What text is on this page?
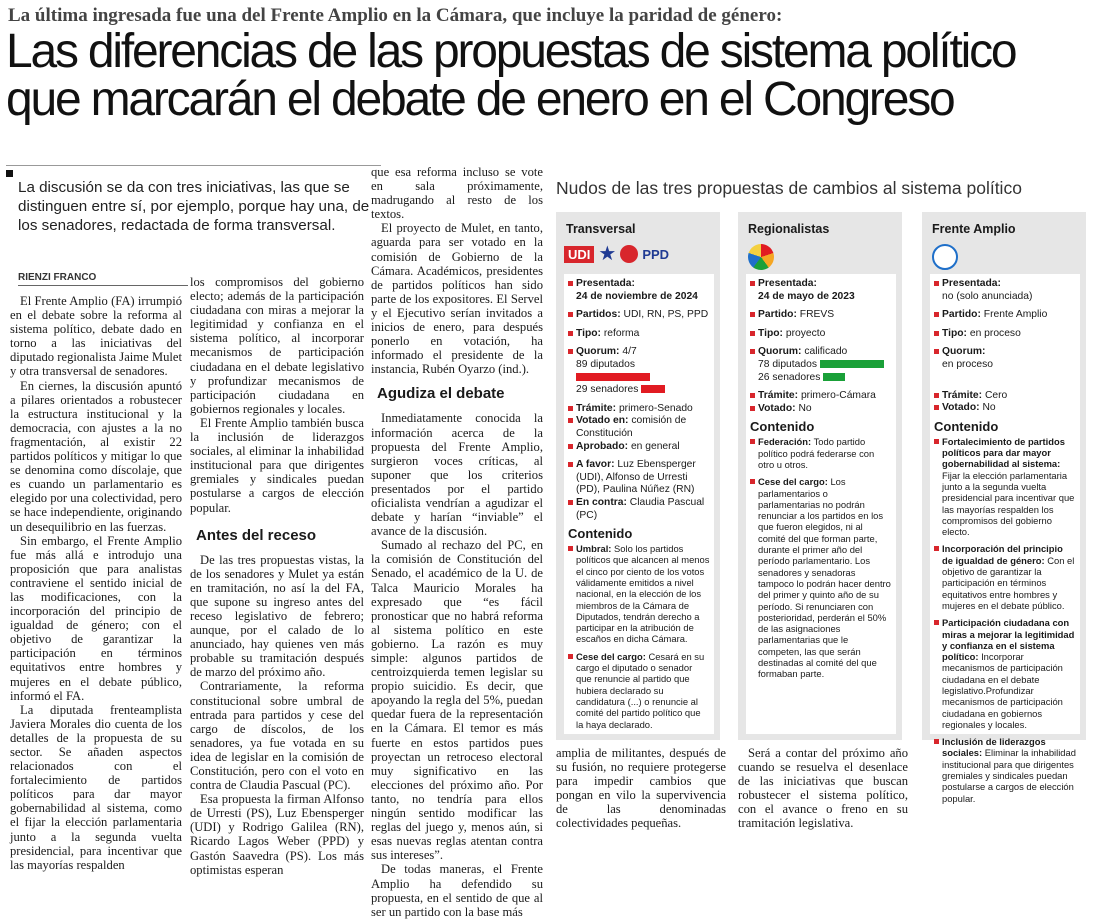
La última ingresada fue una del Frente Amplio en la Cámara, que incluye la paridad de género:
Las diferencias de las propuestas de sistema político
que marcarán el debate de enero en el Congreso
La discusión se da con tres iniciativas, las que se distinguen entre sí, por ejemplo, porque hay una, de los senadores, redactada de forma transversal.
RIENZI FRANCO

El Frente Amplio (FA) irrumpió en el debate sobre la reforma al sistema político, debate dado en torno a las iniciativas del diputado regionalista Jaime Mulet y otra transversal de senadores.

En ciernes, la discusión apuntó a pilares orientados a robustecer la estructura institucional y la democracia, con ajustes a la no fragmentación, al existir 22 partidos políticos y mitigar lo que se denomina como díscolaje, que es cuando un parlamentario es elegido por una colectividad, pero se hace independiente, originando un desequilibrio en las fuerzas.

Sin embargo, el Frente Amplio fue más allá e introdujo una proposición que para analistas contraviene el sentido inicial de las modificaciones, con la incorporación del principio de igualdad de género; con el objetivo de garantizar la participación en términos equitativos entre hombres y mujeres en el debate público, informó el FA.

La diputada frenteamplista Javiera Morales dio cuenta de los detalles de la propuesta de su sector. Se añaden aspectos relacionados con el fortalecimiento de partidos políticos para dar mayor gobernabilidad al sistema, como el fijar la elección parlamentaria junto a la segunda vuelta presidencial, para incentivar que las mayorías respalden

los compromisos del gobierno electo; además de la participación ciudadana con miras a mejorar la legitimidad y confianza en el sistema político, al incorporar mecanismos de participación ciudadana en el debate legislativo y profundizar mecanismos de participación ciudadana en gobiernos regionales y locales.

El Frente Amplio también busca la inclusión de liderazgos sociales, al eliminar la inhabilidad institucional para que dirigentes gremiales y sindicales puedan postularse a cargos de elección popular.

Antes del receso

De las tres propuestas vistas, la de los senadores y Mulet ya están en tramitación, no así la del FA, que supone su ingreso antes del receso legislativo de febrero; aunque, por el calado de lo anunciado, hay quienes ven más probable su tramitación después de marzo del próximo año.

Contrariamente, la reforma constitucional sobre umbral de entrada para partidos y cese del cargo de díscolos, de los senadores, ya fue votada en su idea de legislar en la comisión de Constitución, pero con el voto en contra de Claudia Pascual (PC).

Esa propuesta la firman Alfonso de Urresti (PS), Luz Ebensperger (UDI) y Rodrigo Galilea (RN), Ricardo Lagos Weber (PPD) y Gastón Saavedra (PS). Los más optimistas esperan

que esa reforma incluso se vote en sala próximamente, madrugando al resto de los textos.

El proyecto de Mulet, en tanto, aguarda para ser votado en la comisión de Gobierno de la Cámara. Académicos, presidentes de partidos políticos han sido parte de los expositores. El Servel y el Ejecutivo serían invitados a inicios de enero, para después ponerlo en votación, ha informado el presidente de la instancia, Rubén Oyarzo (ind.).

Agudiza el debate

Inmediatamente conocida la información acerca de la propuesta del Frente Amplio, surgieron voces críticas, al suponer que los criterios presentados por el partido oficialista vendrían a agudizar el debate y harían “inviable” el avance de la discusión.

Sumado al rechazo del PC, en la comisión de Constitución del Senado, el académico de la U. de Talca Mauricio Morales ha expresado que “es fácil pronosticar que no habrá reforma al sistema político en este gobierno. La razón es muy simple: algunos partidos de centroizquierda temen legislar su propio suicidio. Es decir, que apoyando la regla del 5%, puedan quedar fuera de la representación en la Cámara. El temor es más fuerte en estos partidos pues proyectan un retroceso electoral muy significativo en las elecciones del próximo año. Por tanto, no tendría para ellos ningún sentido modificar las reglas del juego y, menos aún, si esas nuevas reglas atentan contra sus intereses”.

De todas maneras, el Frente Amplio ha defendido su propuesta, en el sentido de que al ser un partido con la base más

Nudos de las tres propuestas de cambios al sistema político
Transversal
UDI ★ PPD
Presentada:
24 de noviembre de 2024
Partidos: UDI, RN, PS, PPD
Tipo: reforma
Quorum: 4/7
89 diputados
29 senadores
Trámite: primero-Senado
Votado en: comisión de Constitución
Aprobado: en general
A favor: Luz Ebensperger (UDI), Alfonso de Urresti (PD), Paulina Núñez (RN)
En contra: Claudia Pascual (PC)
Contenido
Umbral: Solo los partidos políticos que alcancen al menos el cinco por ciento de los votos válidamente emitidos a nivel nacional, en la elección de los miembros de la Cámara de Diputados, tendrán derecho a participar en la atribución de escaños en dicha Cámara.
Cese del cargo: Cesará en su cargo el diputado o senador que renuncie al partido que hubiera declarado su candidatura (...) o renuncie al comité del partido político que la haya declarado.
Regionalistas
Presentada:
24 de mayo de 2023
Partido: FREVS
Tipo: proyecto
Quorum: calificado
78 diputados
26 senadores
Trámite: primero-Cámara
Votado: No
Contenido
Federación: Todo partido político podrá federarse con otro u otros.
Cese del cargo: Los parlamentarios o parlamentarias no podrán renunciar a los partidos en los que fueron elegidos, ni al comité del que forman parte, durante el primer año del período parlamentario. Los senadores y senadoras tampoco lo podrán hacer dentro del primer y quinto año de su período. Si renunciaren con posterioridad, perderán el 50% de las asignaciones parlamentarias que le competen, las que serán destinadas al comité del que formaban parte.
Frente Amplio
Presentada:
no (solo anunciada)
Partido: Frente Amplio
Tipo: en proceso
Quorum:
en proceso
Trámite: Cero
Votado: No
Contenido
Fortalecimiento de partidos políticos para dar mayor gobernabilidad al sistema: Fijar la elección parlamentaria junto a la segunda vuelta presidencial para incentivar que las mayorías respalden los compromisos del gobierno electo.
Incorporación del principio de igualdad de género: Con el objetivo de garantizar la participación en términos equitativos entre hombres y mujeres en el debate público.
Participación ciudadana con miras a mejorar la legitimidad y confianza en el sistema político: Incorporar mecanismos de participación ciudadana en el debate legislativo.Profundizar mecanismos de participación ciudadana en gobiernos regionales y locales.
Inclusión de liderazgos sociales: Eliminar la inhabilidad institucional para que dirigentes gremiales y sindicales puedan postularse a cargos de elección popular.

amplia de militantes, después de su fusión, no requiere protegerse para impedir cambios que pongan en vilo la supervivencia de las denominadas colectividades pequeñas.

Será a contar del próximo año cuando se resuelva el desenlace de las iniciativas que buscan robustecer el sistema político, con el avance o freno en su tramitación legislativa.
